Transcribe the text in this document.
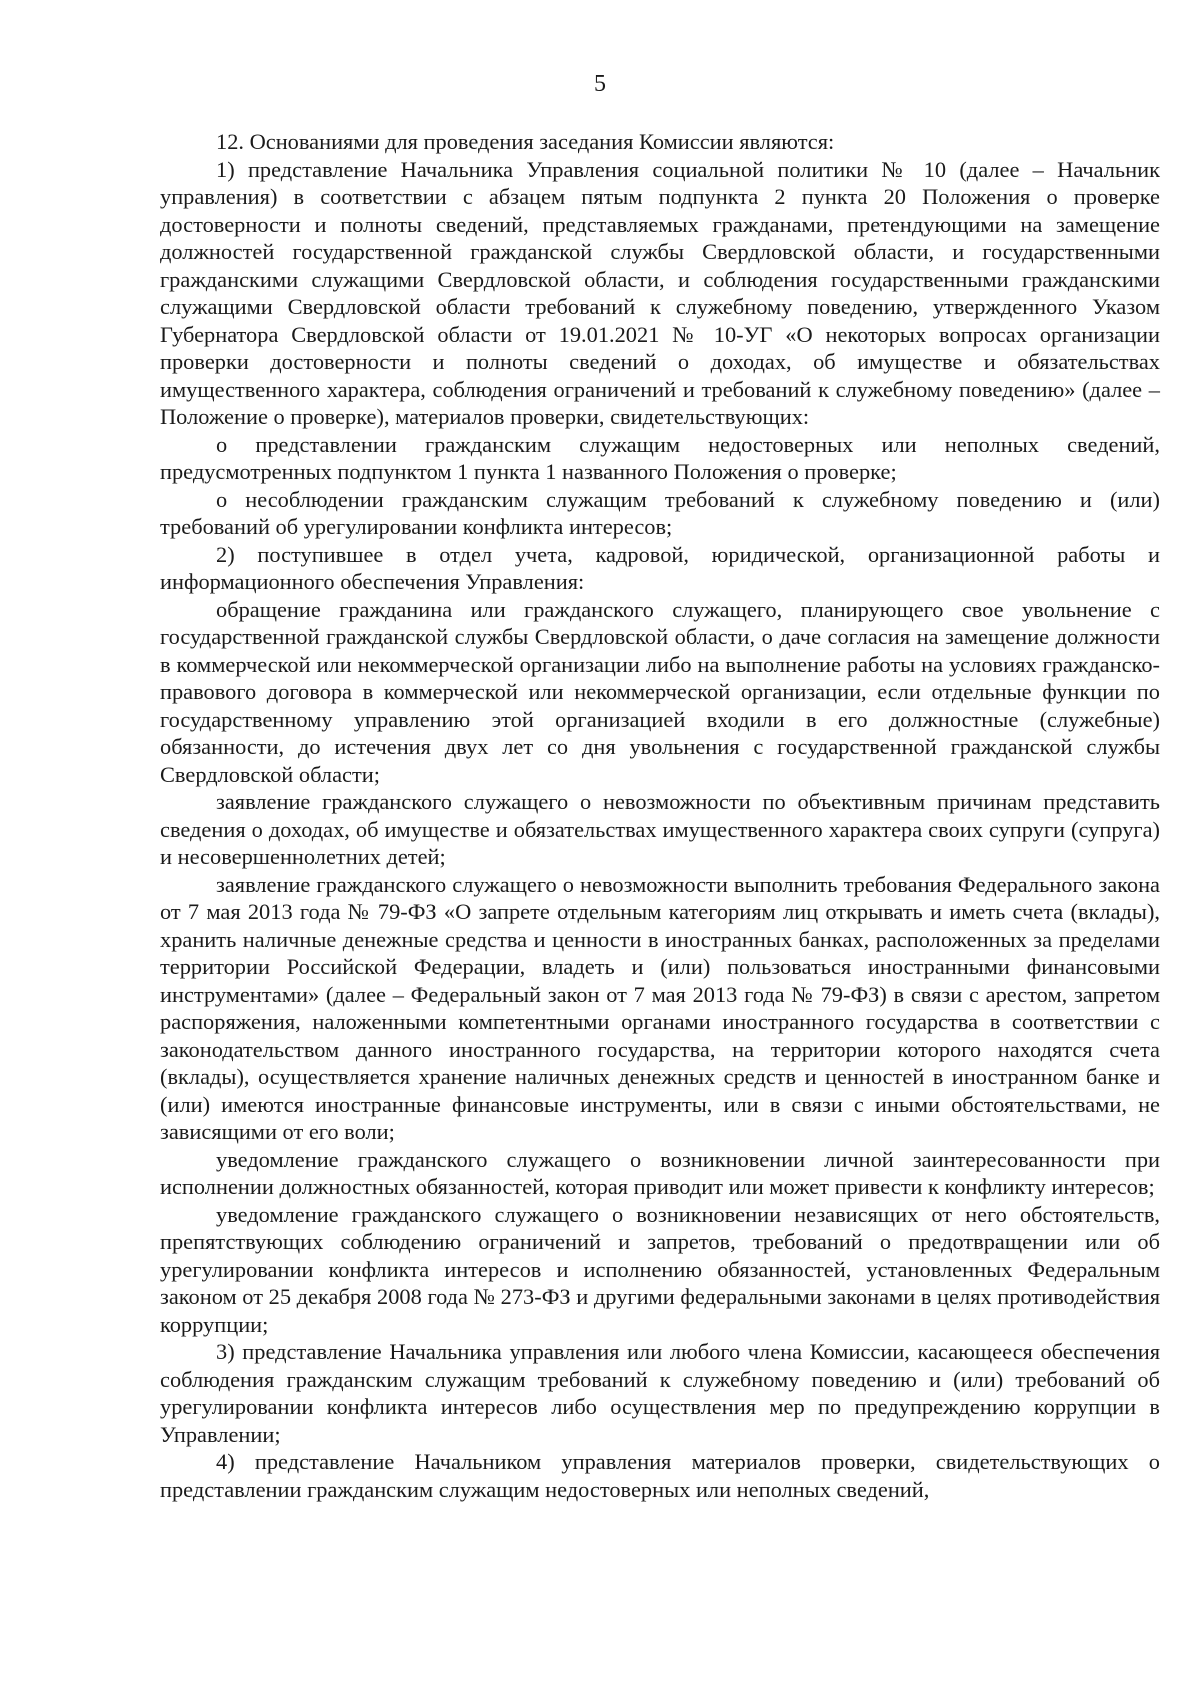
5

12. Основаниями для проведения заседания Комиссии являются:

1) представление Начальника Управления социальной политики № 10 (далее – Начальник управления) в соответствии с абзацем пятым подпункта 2 пункта 20 Положения о проверке достоверности и полноты сведений, представляемых гражданами, претендующими на замещение должностей государственной гражданской службы Свердловской области, и государственными гражданскими служащими Свердловской области, и соблюдения государственными гражданскими служащими Свердловской области требований к служебному поведению, утвержденного Указом Губернатора Свердловской области от 19.01.2021 № 10-УГ «О некоторых вопросах организации проверки достоверности и полноты сведений о доходах, об имуществе и обязательствах имущественного характера, соблюдения ограничений и требований к служебному поведению» (далее – Положение о проверке), материалов проверки, свидетельствующих:

о представлении гражданским служащим недостоверных или неполных сведений, предусмотренных подпунктом 1 пункта 1 названного Положения о проверке;

о несоблюдении гражданским служащим требований к служебному поведению и (или) требований об урегулировании конфликта интересов;

2) поступившее в отдел учета, кадровой, юридической, организационной работы и информационного обеспечения Управления:

обращение гражданина или гражданского служащего, планирующего свое увольнение с государственной гражданской службы Свердловской области, о даче согласия на замещение должности в коммерческой или некоммерческой организации либо на выполнение работы на условиях гражданско-правового договора в коммерческой или некоммерческой организации, если отдельные функции по государственному управлению этой организацией входили в его должностные (служебные) обязанности, до истечения двух лет со дня увольнения с государственной гражданской службы Свердловской области;

заявление гражданского служащего о невозможности по объективным причинам представить сведения о доходах, об имуществе и обязательствах имущественного характера своих супруги (супруга) и несовершеннолетних детей;

заявление гражданского служащего о невозможности выполнить требования Федерального закона от 7 мая 2013 года № 79-ФЗ «О запрете отдельным категориям лиц открывать и иметь счета (вклады), хранить наличные денежные средства и ценности в иностранных банках, расположенных за пределами территории Российской Федерации, владеть и (или) пользоваться иностранными финансовыми инструментами» (далее – Федеральный закон от 7 мая 2013 года № 79-ФЗ) в связи с арестом, запретом распоряжения, наложенными компетентными органами иностранного государства в соответствии с законодательством данного иностранного государства, на территории которого находятся счета (вклады), осуществляется хранение наличных денежных средств и ценностей в иностранном банке и (или) имеются иностранные финансовые инструменты, или в связи с иными обстоятельствами, не зависящими от его воли;

уведомление гражданского служащего о возникновении личной заинтересованности при исполнении должностных обязанностей, которая приводит или может привести к конфликту интересов;

уведомление гражданского служащего о возникновении независящих от него обстоятельств, препятствующих соблюдению ограничений и запретов, требований о предотвращении или об урегулировании конфликта интересов и исполнению обязанностей, установленных Федеральным законом от 25 декабря 2008 года № 273-ФЗ и другими федеральными законами в целях противодействия коррупции;

3) представление Начальника управления или любого члена Комиссии, касающееся обеспечения соблюдения гражданским служащим требований к служебному поведению и (или) требований об урегулировании конфликта интересов либо осуществления мер по предупреждению коррупции в Управлении;

4) представление Начальником управления материалов проверки, свидетельствующих о представлении гражданским служащим недостоверных или неполных сведений,
